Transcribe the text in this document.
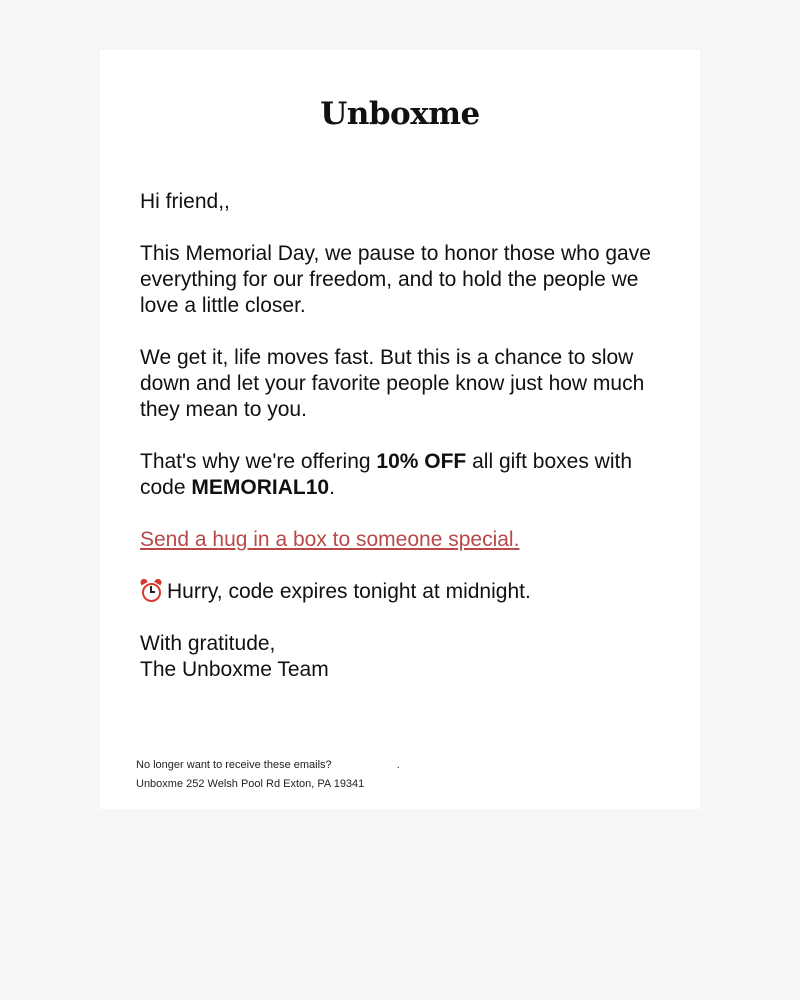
Unboxme

Hi friend,,

This Memorial Day, we pause to honor those who gave everything for our freedom, and to hold the people we love a little closer.

We get it, life moves fast. But this is a chance to slow down and let your favorite people know just how much they mean to you.

That's why we're offering 10% OFF all gift boxes with code MEMORIAL10.

Send a hug in a box to someone special.

Hurry, code expires tonight at midnight.

With gratitude,
The Unboxme Team

No longer want to receive these emails?	.
Unboxme 252 Welsh Pool Rd Exton, PA 19341
